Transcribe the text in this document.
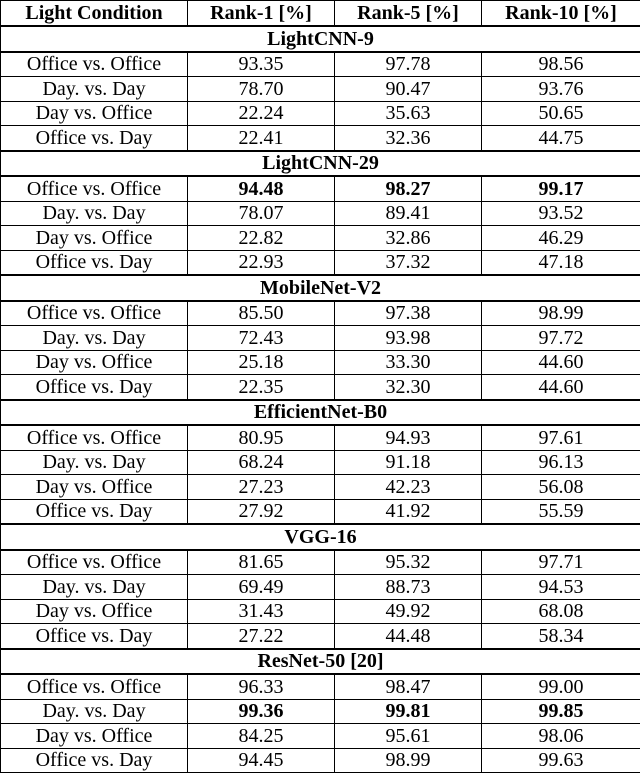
Light Condition	Rank-1 [%]	Rank-5 [%]	Rank-10 [%]
LightCNN-9			
Office vs. Office	93.35	97.78	98.56
Day. vs. Day	78.70	90.47	93.76
Day vs. Office	22.24	35.63	50.65
Office vs. Day	22.41	32.36	44.75
LightCNN-29			
Office vs. Office	94.48	98.27	99.17
Day. vs. Day	78.07	89.41	93.52
Day vs. Office	22.82	32.86	46.29
Office vs. Day	22.93	37.32	47.18
MobileNet-V2			
Office vs. Office	85.50	97.38	98.99
Day. vs. Day	72.43	93.98	97.72
Day vs. Office	25.18	33.30	44.60
Office vs. Day	22.35	32.30	44.60
EfficientNet-B0			
Office vs. Office	80.95	94.93	97.61
Day. vs. Day	68.24	91.18	96.13
Day vs. Office	27.23	42.23	56.08
Office vs. Day	27.92	41.92	55.59
VGG-16			
Office vs. Office	81.65	95.32	97.71
Day. vs. Day	69.49	88.73	94.53
Day vs. Office	31.43	49.92	68.08
Office vs. Day	27.22	44.48	58.34
ResNet-50 [20]			
Office vs. Office	96.33	98.47	99.00
Day. vs. Day	99.36	99.81	99.85
Day vs. Office	84.25	95.61	98.06
Office vs. Day	94.45	98.99	99.63
